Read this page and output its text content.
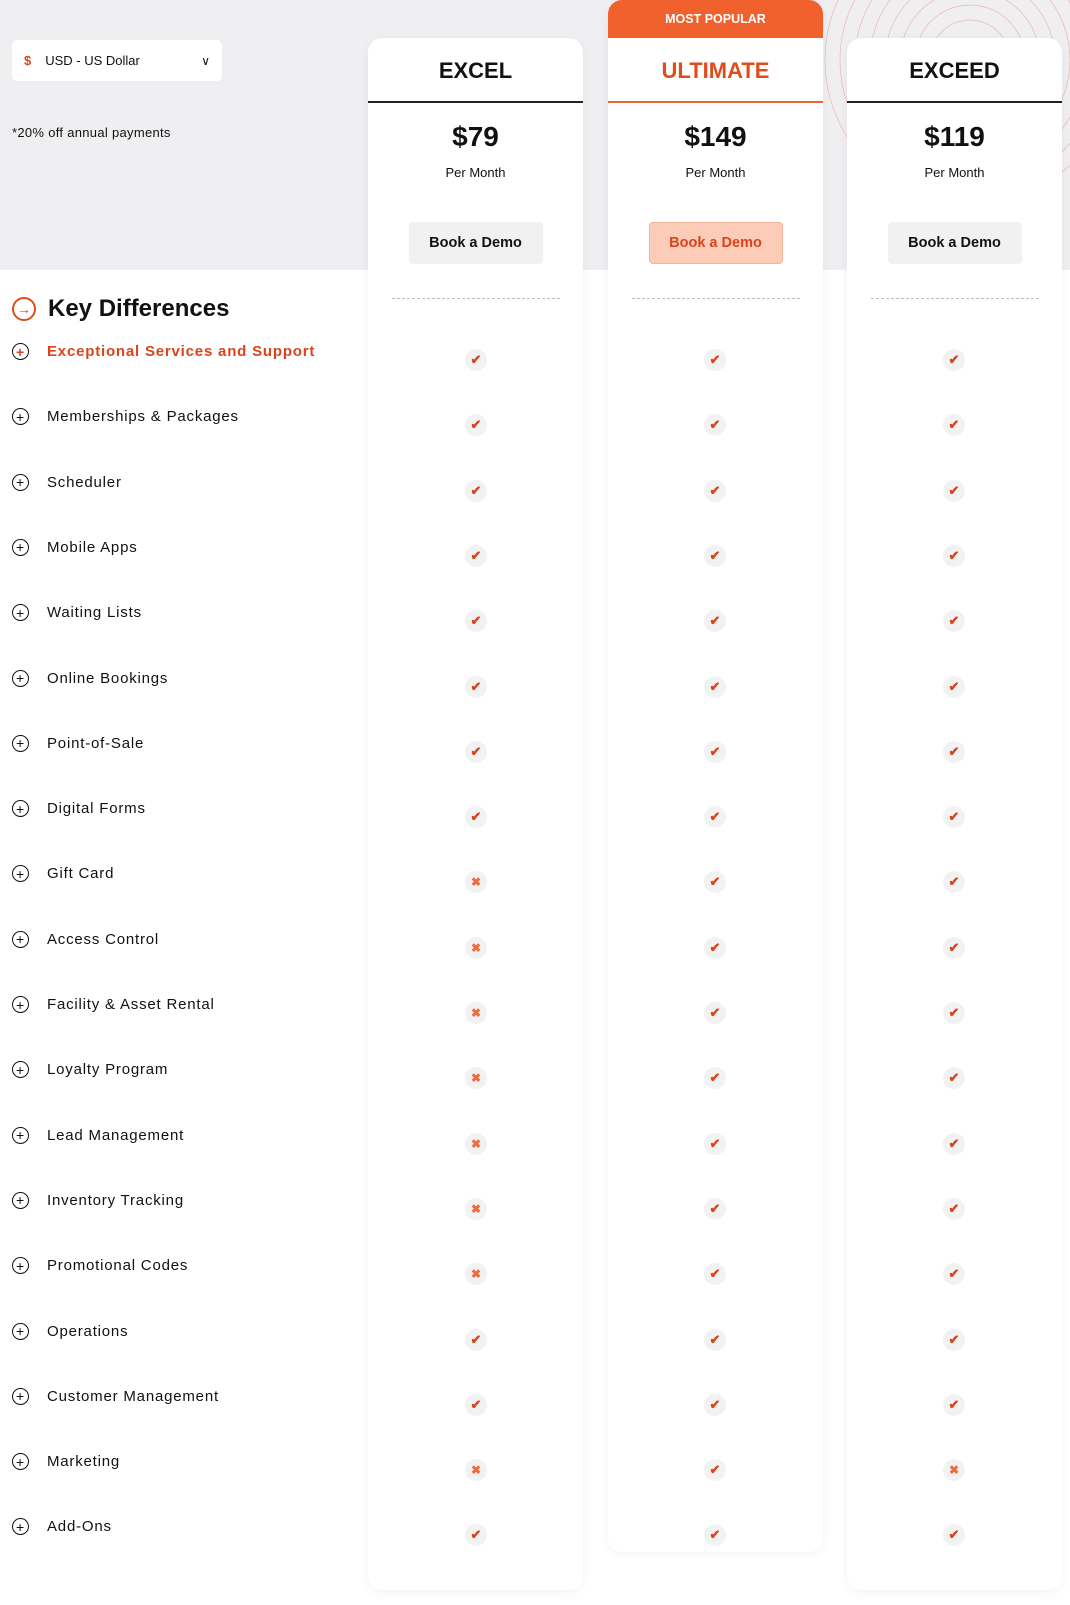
$ USD - US Dollar	∨
*20% off annual payments
EXCEL
$79
Per Month
Book a Demo
MOST POPULAR
ULTIMATE
$149
Per Month
Book a Demo
EXCEED
$119
Per Month
Book a Demo
→ Key Differences
+ Exceptional Services and Support	✔	✔	✔
+ Memberships & Packages	✔	✔	✔
+ Scheduler	✔	✔	✔
+ Mobile Apps	✔	✔	✔
+ Waiting Lists	✔	✔	✔
+ Online Bookings	✔	✔	✔
+ Point-of-Sale	✔	✔	✔
+ Digital Forms	✔	✔	✔
+ Gift Card	✖	✔	✔
+ Access Control	✖	✔	✔
+ Facility & Asset Rental	✖	✔	✔
+ Loyalty Program	✖	✔	✔
+ Lead Management	✖	✔	✔
+ Inventory Tracking	✖	✔	✔
+ Promotional Codes	✖	✔	✔
+ Operations	✔	✔	✔
+ Customer Management	✔	✔	✔
+ Marketing	✖	✔	✖
+ Add-Ons	✔	✔	✔
